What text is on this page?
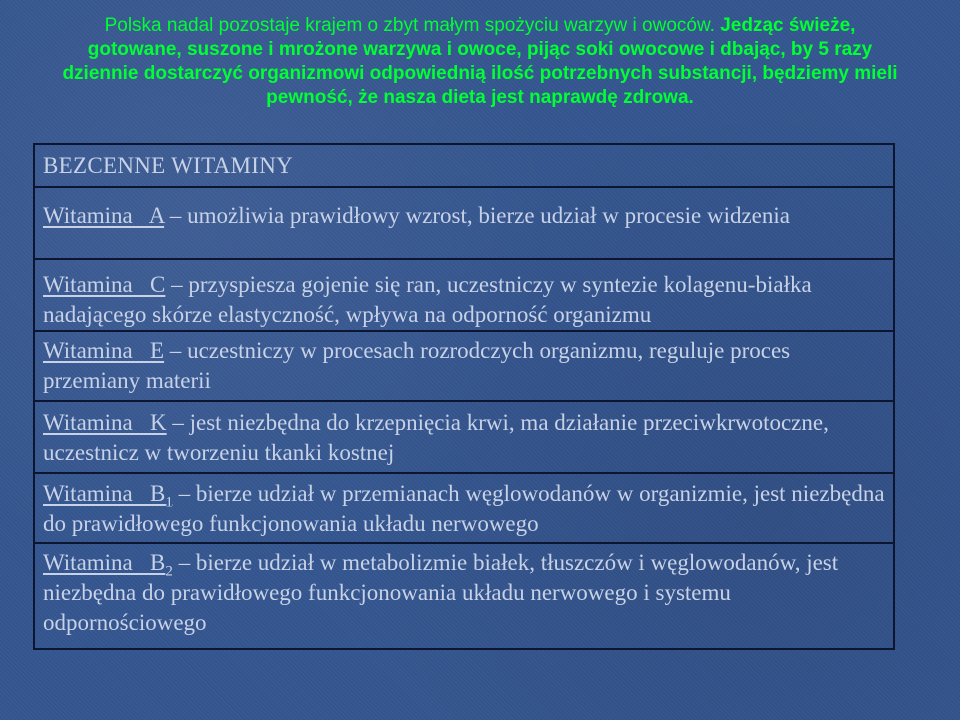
Polska nadal pozostaje krajem o zbyt małym spożyciu warzyw i owoców. Jedząc świeże, gotowane, suszone i mrożone warzywa i owoce, pijąc soki owocowe i dbając, by 5 razy dziennie dostarczyć organizmowi odpowiednią ilość potrzebnych substancji, będziemy mieli pewność, że nasza dieta jest naprawdę zdrowa.

BEZCENNE WITAMINY
Witamina   A – umożliwia prawidłowy wzrost, bierze udział w procesie widzenia
Witamina   C – przyspiesza gojenie się ran, uczestniczy w syntezie kolagenu-białka   nadającego skórze elastyczność, wpływa na odporność organizmu
Witamina   E – uczestniczy w procesach rozrodczych organizmu, reguluje proces przemiany materii
Witamina   K – jest niezbędna do krzepnięcia krwi, ma działanie przeciwkrwotoczne, uczestnicz w tworzeniu tkanki kostnej
Witamina   $B_1$ – bierze udział w przemianach węglowodanów w organizmie, jest niezbędna do prawidłowego funkcjonowania układu nerwowego
Witamina   $B_2$ – bierze udział w metabolizmie białek, tłuszczów i węglowodanów, jest niezbędna do prawidłowego funkcjonowania układu nerwowego i systemu odpornościowego
